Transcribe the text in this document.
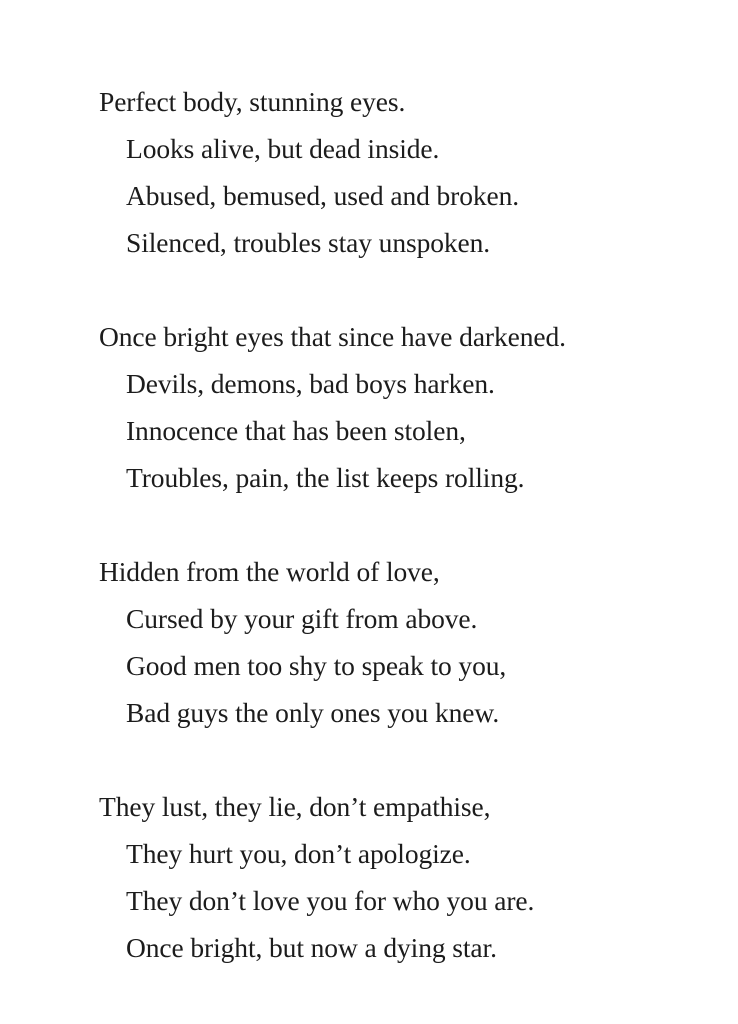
Perfect body, stunning eyes.
Looks alive, but dead inside.
Abused, bemused, used and broken.
Silenced, troubles stay unspoken.
Once bright eyes that since have darkened.
Devils, demons, bad boys harken.
Innocence that has been stolen,
Troubles, pain, the list keeps rolling.
Hidden from the world of love,
Cursed by your gift from above.
Good men too shy to speak to you,
Bad guys the only ones you knew.
They lust, they lie, don’t empathise,
They hurt you, don’t apologize.
They don’t love you for who you are.
Once bright, but now a dying star.
